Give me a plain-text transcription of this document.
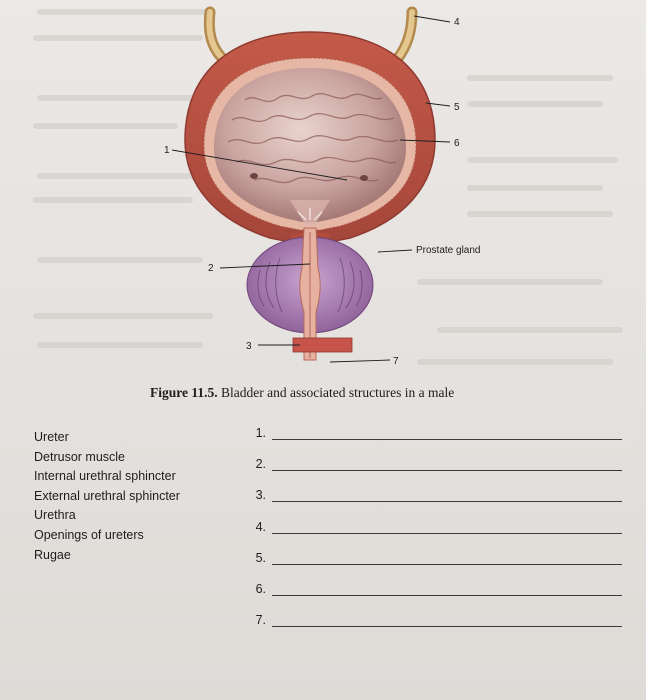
©
1
2
3
4
5
6
7
Prostate gland
Figure 11.5. Bladder and associated structures in a male
Ureter
Detrusor muscle
Internal urethral sphincter
External urethral sphincter
Urethra
Openings of ureters
Rugae
1.
2.
3.
4.
5.
6.
7.
